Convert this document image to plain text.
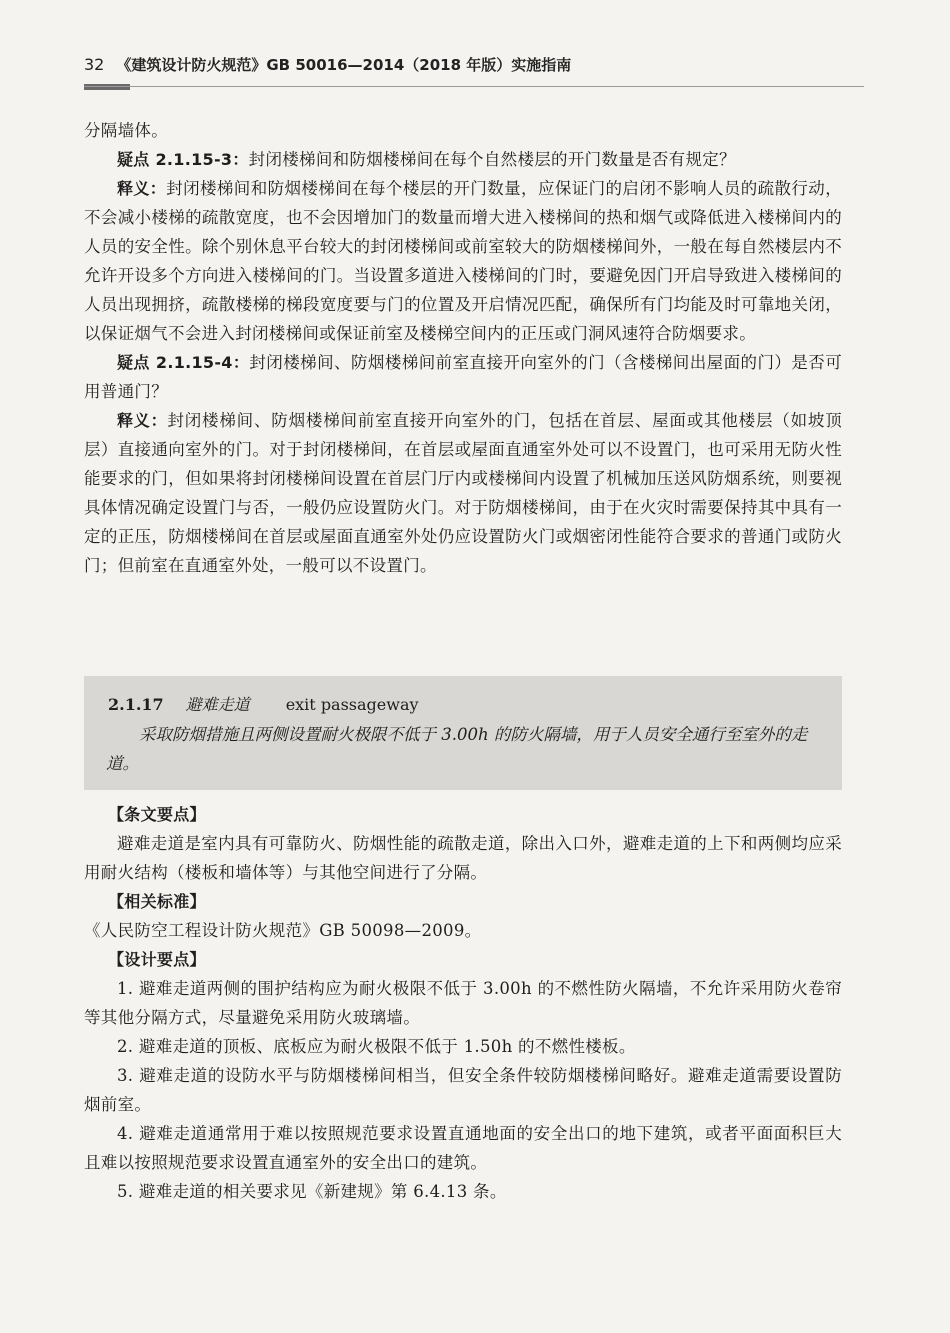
32 《建筑设计防火规范》GB 50016—2014（2018 年版）实施指南

分隔墙体。

疑点 2.1.15-3：封闭楼梯间和防烟楼梯间在每个自然楼层的开门数量是否有规定？

释义：封闭楼梯间和防烟楼梯间在每个楼层的开门数量，应保证门的启闭不影响人员的疏散行动，不会减小楼梯的疏散宽度，也不会因增加门的数量而增大进入楼梯间的热和烟气或降低进入楼梯间内的人员的安全性。除个别休息平台较大的封闭楼梯间或前室较大的防烟楼梯间外，一般在每自然楼层内不允许开设多个方向进入楼梯间的门。当设置多道进入楼梯间的门时，要避免因门开启导致进入楼梯间的人员出现拥挤，疏散楼梯的梯段宽度要与门的位置及开启情况匹配，确保所有门均能及时可靠地关闭，以保证烟气不会进入封闭楼梯间或保证前室及楼梯空间内的正压或门洞风速符合防烟要求。

疑点 2.1.15-4：封闭楼梯间、防烟楼梯间前室直接开向室外的门（含楼梯间出屋面的门）是否可用普通门？

释义：封闭楼梯间、防烟楼梯间前室直接开向室外的门，包括在首层、屋面或其他楼层（如坡顶层）直接通向室外的门。对于封闭楼梯间，在首层或屋面直通室外处可以不设置门，也可采用无防火性能要求的门，但如果将封闭楼梯间设置在首层门厅内或楼梯间内设置了机械加压送风防烟系统，则要视具体情况确定设置门与否，一般仍应设置防火门。对于防烟楼梯间，由于在火灾时需要保持其中具有一定的正压，防烟楼梯间在首层或屋面直通室外处仍应设置防火门或烟密闭性能符合要求的普通门或防火门；但前室在直通室外处，一般可以不设置门。

2.1.17 避难走道 exit passageway
采取防烟措施且两侧设置耐火极限不低于 3.00h 的防火隔墙，用于人员安全通行至室外的走道。

【条文要点】

避难走道是室内具有可靠防火、防烟性能的疏散走道，除出入口外，避难走道的上下和两侧均应采用耐火结构（楼板和墙体等）与其他空间进行了分隔。

【相关标准】

《人民防空工程设计防火规范》GB 50098—2009。

【设计要点】

1. 避难走道两侧的围护结构应为耐火极限不低于 3.00h 的不燃性防火隔墙，不允许采用防火卷帘等其他分隔方式，尽量避免采用防火玻璃墙。

2. 避难走道的顶板、底板应为耐火极限不低于 1.50h 的不燃性楼板。

3. 避难走道的设防水平与防烟楼梯间相当，但安全条件较防烟楼梯间略好。避难走道需要设置防烟前室。

4. 避难走道通常用于难以按照规范要求设置直通地面的安全出口的地下建筑，或者平面面积巨大且难以按照规范要求设置直通室外的安全出口的建筑。

5. 避难走道的相关要求见《新建规》第 6.4.13 条。
